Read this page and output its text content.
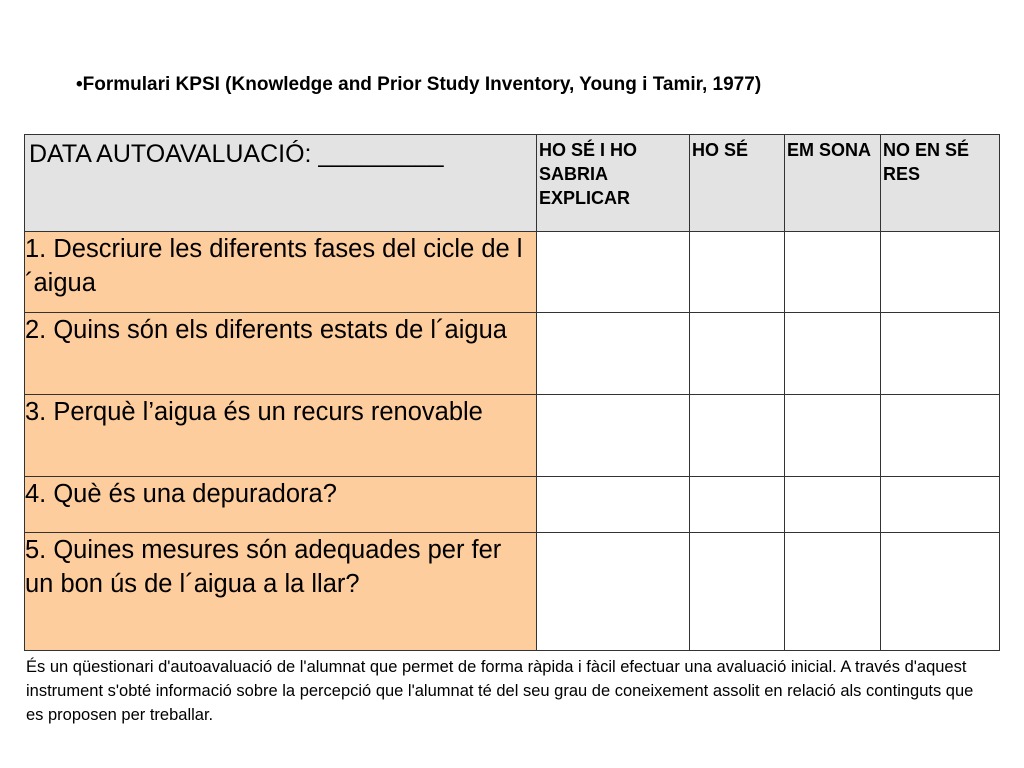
•Formulari KPSI (Knowledge and Prior Study Inventory, Young i Tamir, 1977)
DATA AUTOAVALUACIÓ: _________	HO SÉ I HO SABRIA EXPLICAR	HO SÉ	EM SONA	NO EN SÉ RES
1. Descriure les diferents fases del cicle de l´aigua				
2. Quins són els diferents estats de l´aigua				
3. Perquè l’aigua és un recurs renovable				
4. Què és una depuradora?				
5. Quines mesures són adequades per fer un bon ús de l´aigua a la llar?				
És un qüestionari d'autoavaluació de l'alumnat que permet de forma ràpida i fàcil efectuar una avaluació inicial. A través d'aquest instrument s'obté informació sobre la percepció que l'alumnat té del seu grau de coneixement assolit en relació als continguts que es proposen per treballar.
